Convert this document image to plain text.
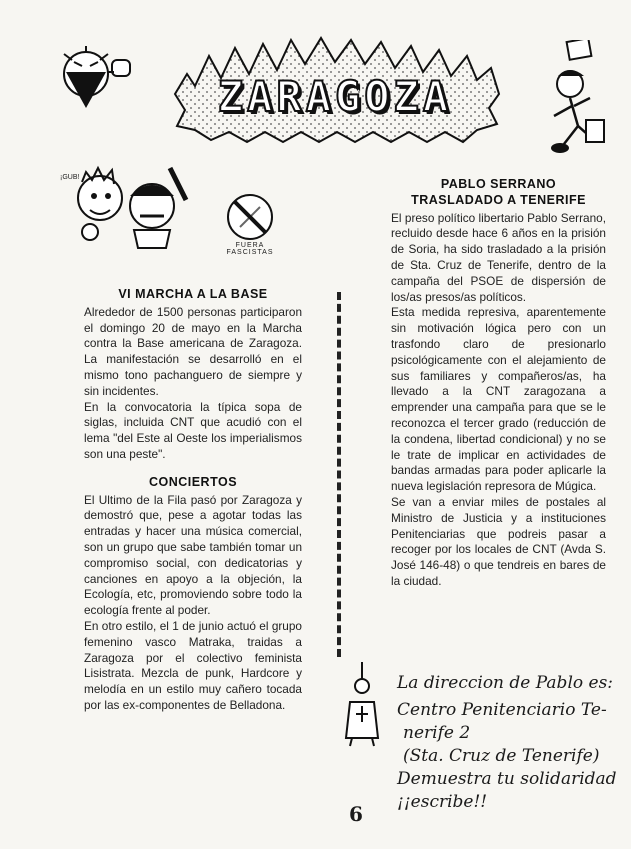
ZARAGOZA
¡GUB!
FUERA FASCISTAS

VI MARCHA A LA BASE

Alrededor de 1500 personas participaron el domingo 20 de mayo en la Marcha contra la Base americana de Zaragoza. La manifestación se desarrolló en el mismo tono pachanguero de siempre y sin incidentes.

En la convocatoria la típica sopa de siglas, incluida CNT que acudió con el lema "del Este al Oeste los imperialismos son una peste".

CONCIERTOS

El Ultimo de la Fila pasó por Zaragoza y demostró que, pese a agotar todas las entradas y hacer una música comercial, son un grupo que sabe también tomar un compromiso social, con dedicatorias y canciones en apoyo a la objeción, la Ecología, etc, promoviendo sobre todo la ecología frente al poder.

En otro estilo, el 1 de junio actuó el grupo femenino vasco Matraka, traidas a Zaragoza por el colectivo feminista Lisistrata. Mezcla de punk, Hardcore y melodía en un estilo muy cañero tocada por las ex-componentes de Belladona.

PABLO SERRANO

TRASLADADO A TENERIFE

El preso político libertario Pablo Serrano, recluido desde hace 6 años en la prisión de Soria, ha sido trasladado a la prisión de Sta. Cruz de Tenerife, dentro de la campaña del PSOE de dispersión de los/as presos/as políticos.

Esta medida represiva, aparentemente sin motivación lógica pero con un trasfondo claro de presionarlo psicológicamente con el alejamiento de sus familiares y compañeros/as, ha llevado a la CNT zaragozana a emprender una campaña para que se le reconozca el tercer grado (reducción de la condena, libertad condicional) y no se le trate de implicar en actividades de bandas armadas para poder aplicarle la nueva legislación represora de Múgica.

Se van a enviar miles de postales al Ministro de Justicia y a instituciones Penitenciarias que podreis pasar a recoger por los locales de CNT (Avda S. José 146-48) o que tendreis en bares de la ciudad.

La direccion de Pablo es:
Centro Penitenciario Te-
nerife 2
(Sta. Cruz de Tenerife)
Demuestra tu solidaridad
¡¡escribe!!
6
